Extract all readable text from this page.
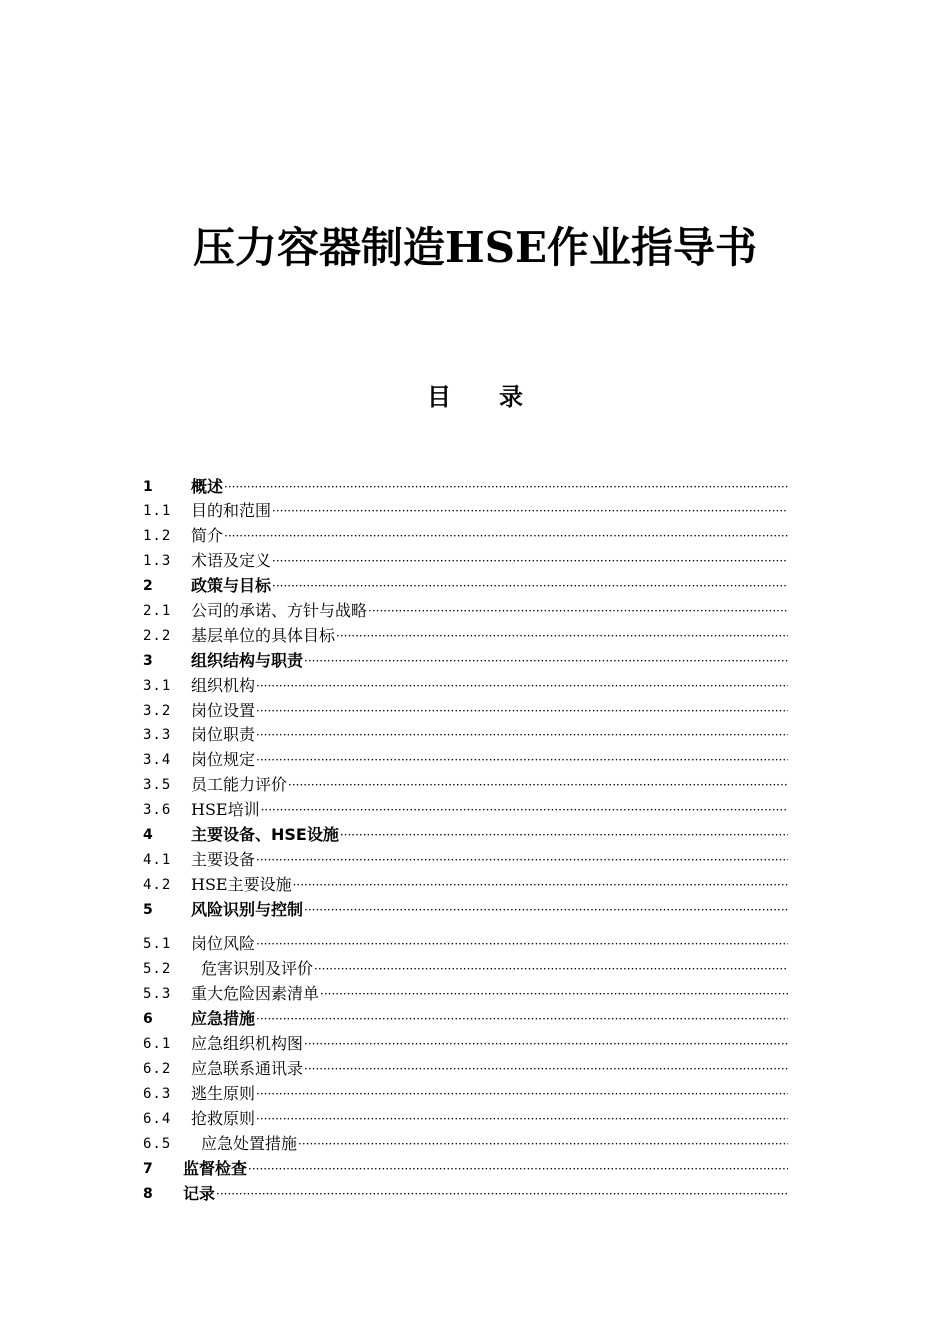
压力容器制造HSE作业指导书
目 录
1	概述
·····
1.1	目的和范围
·····
1.2	简介
·····
1.3	术语及定义
·····
2	政策与目标
·····
2.1	公司的承诺、方针与战略
·····
2.2	基层单位的具体目标
·····
3	组织结构与职责
·····
3.1	组织机构
·····
3.2	岗位设置
·····
3.3	岗位职责
·····
3.4	岗位规定
·····
3.5	员工能力评价
·····
3.6	HSE培训
·····
4	主要设备、HSE设施
·····
4.1	主要设备
·····
4.2	HSE主要设施
·····
5	风险识别与控制
·····
5.1	岗位风险
·····
5.2	危害识别及评价
·····
5.3	重大危险因素清单
·····
6	应急措施
·····
6.1	应急组织机构图
·····
6.2	应急联系通讯录
·····
6.3	逃生原则
·····
6.4	抢救原则
·····
6.5	应急处置措施
·····
7	监督检查
·····
8	记录
·····
